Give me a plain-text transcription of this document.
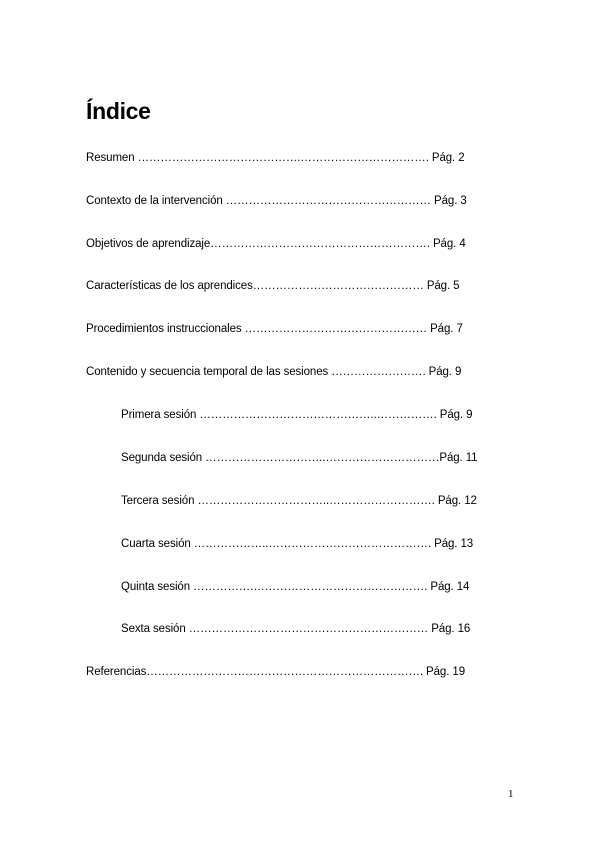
Índice
Resumen …………………………………….……………………………. Pág. 2
Contexto de la intervención ……………………………………………… Pág. 3
Objetivos de aprendizaje…………………………………………………. Pág. 4
Características de los aprendices……………………………………… Pág. 5
Procedimientos instruccionales ………………………………………… Pág. 7
Contenido y secuencia temporal de las sesiones ……………………. Pág. 9
Primera sesión ………………………………………..……………. Pág. 9
Segunda sesión …………………………..…………………………Pág. 11
Tercera sesión ……………………………..………………………. Pág. 12
Cuarta sesión ………………..……………………………………. Pág. 13
Quinta sesión …………….………………………………………. Pág. 14
Sexta sesión ……………………………………………………… Pág. 16
Referencias………………………………………………………………. Pág. 19
1
